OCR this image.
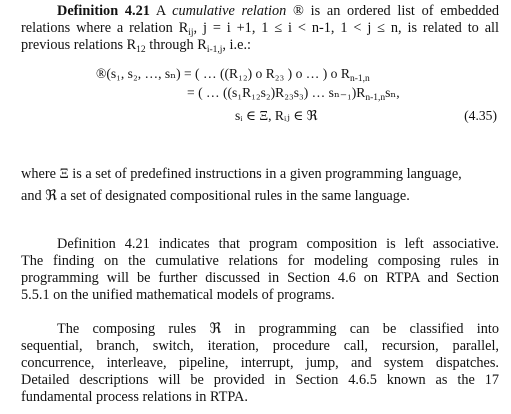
Definition 4.21 A cumulative relation ® is an ordered list of embedded
relations where a relation $R_{ij}$, j = i +1, 1 ≤ i < n-1, 1 < j ≤ n, is related to all
previous relations $R_{12}$ through $R_{i-1,j}$, i.e.:
®(s₁, s₂, …, sₙ) = ( … ((R₁₂) ο R₂₃ ) ο … ) ο $R_{n-1,n}$
= ( … ((s₁R₁₂s₂)R₂₃s₃) … $s_{n-1})R_{n-1,n}s_n$,
sᵢ ∈ Ξ, Rᵢⱼ ∈ ℜ	(4.35)
where Ξ is a set of predefined instructions in a given programming language,
and ℜ a set of designated compositional rules in the same language.
Definition 4.21 indicates that program composition is left associative.
The finding on the cumulative relations for modeling composing rules in
programming will be further discussed in Section 4.6 on RTPA and Section
5.5.1 on the unified mathematical models of programs.
The composing rules ℜ in programming can be classified into
sequential, branch, switch, iteration, procedure call, recursion, parallel,
concurrence, interleave, pipeline, interrupt, jump, and system dispatches.
Detailed descriptions will be provided in Section 4.6.5 known as the 17
fundamental process relations in RTPA.
